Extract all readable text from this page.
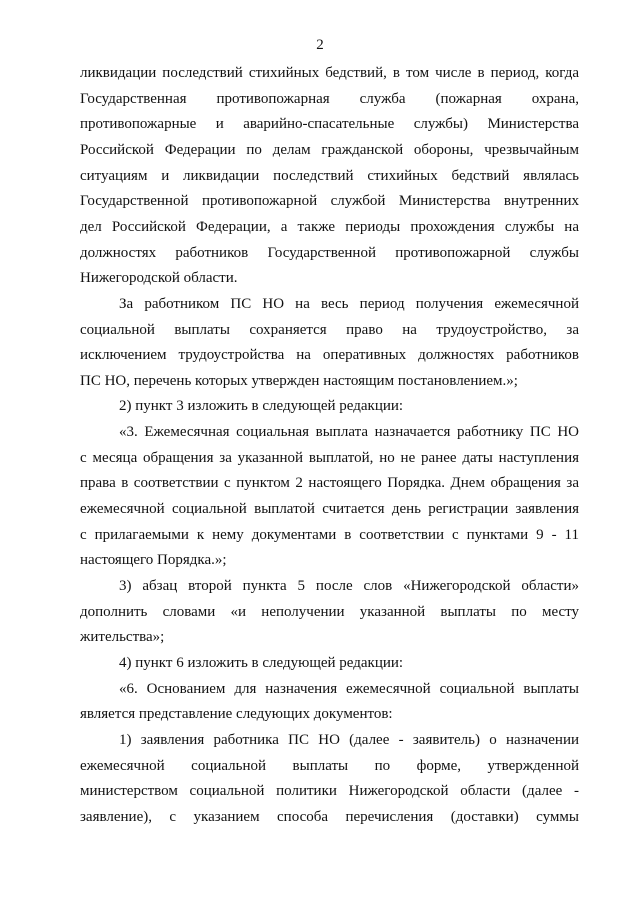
2
ликвидации последствий стихийных бедствий, в том числе в период, когда
Государственная противопожарная служба (пожарная охрана,
противопожарные и аварийно-спасательные службы) Министерства
Российской Федерации по делам гражданской обороны, чрезвычайным
ситуациям и ликвидации последствий стихийных бедствий являлась
Государственной противопожарной службой Министерства внутренних
дел Российской Федерации, а также периоды прохождения службы на
должностях работников Государственной противопожарной службы
Нижегородской области.
За работником ПС НО на весь период получения ежемесячной
социальной выплаты сохраняется право на трудоустройство, за
исключением трудоустройства на оперативных должностях работников
ПС НО, перечень которых утвержден настоящим постановлением.»;
2) пункт 3 изложить в следующей редакции:
«3. Ежемесячная социальная выплата назначается работнику ПС НО
с месяца обращения за указанной выплатой, но не ранее даты наступления
права в соответствии с пунктом 2 настоящего Порядка. Днем обращения за
ежемесячной социальной выплатой считается день регистрации заявления
с прилагаемыми к нему документами в соответствии с пунктами 9 - 11
настоящего Порядка.»;
3) абзац второй пункта 5 после слов «Нижегородской области»
дополнить словами «и неполучении указанной выплаты по месту
жительства»;
4) пункт 6 изложить в следующей редакции:
«6. Основанием для назначения ежемесячной социальной выплаты
является представление следующих документов:
1) заявления работника ПС НО (далее - заявитель) о назначении
ежемесячной социальной выплаты по форме, утвержденной
министерством социальной политики Нижегородской области (далее -
заявление), с указанием способа перечисления (доставки) суммы
